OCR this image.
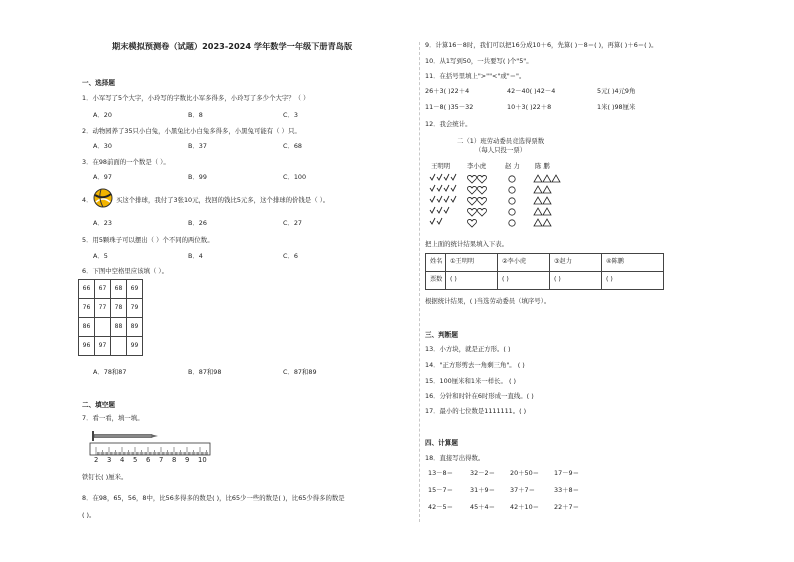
期末模拟预测卷（试题）2023-2024 学年数学一年级下册青岛版
一、选择题
1．小军写了5个大字，小玲写的字数比小军多得多，小玲写了多少个大字？（ ）
A．20	B．8	C．3
2．动物园养了35只小白兔，小黑兔比小白兔多得多，小黑兔可能有（ ）只。
A．30	B．37	C．68
3．在98前面的一个数是（ ）。
A．97	B．99	C．100
4．	买这个排球，我付了3张10元，找回的钱比5元多，这个排球的价钱是（ ）。
A．23	B．26	C．27
5．用5颗珠子可以摆出（ ）个不同的两位数。
A．5	B．4	C．6
6．下图中空格里应该填（ ）。
66	67	68	69
76	77	78	79
86		88	89
96	97		99
A．78和87	B．87和98	C．87和89
二、填空题
7．看一看，填一填。
2 3 4 5 6 7 8 9 10
铁钉长( )厘米。
8．在98，65，56，8中，比56多得多的数是( )，比65少一些的数是( )，比65少得多的数是
( )。
9．计算16－8时，我们可以把16分成10＋6，先算( )－8＝( )，再算( )＋6＝( )。
10．从1写到50，一共要写( )个"5"。
11．在括号里填上">""<"或"＝"。
26＋3( )22＋4	42－40( )42－4	5元( )4元9角
11－8( )35－32	10＋3( )22＋8	1米( )98厘米
12．我会统计。
二（1）班劳动委员竞选得票数
（每人只投一票）
王明明	李小虎	赵 力 陈 鹏
把上面的统计结果填入下表。
姓名	①王明明	②李小虎	③赵力	④陈鹏
票数	( )	( )	( )	( )
根据统计结果，( )当选劳动委员（填序号）。
三、判断题
13．小方块，就是正方形。( )
14．"正方形剪去一角剩三角"。 ( )
15．100厘米和1米一样长。 ( )
16．分针和时针在6时形成一直线。( )
17．最小的七位数是1111111。( )
四、计算题
18．直接写出得数。
13－8＝	32－2＝ 20＋50＝ 17－9＝
15－7＝	31＋9＝ 37＋7＝	33＋8＝
42－5＝	45＋4＝ 42＋10＝ 22＋7＝
